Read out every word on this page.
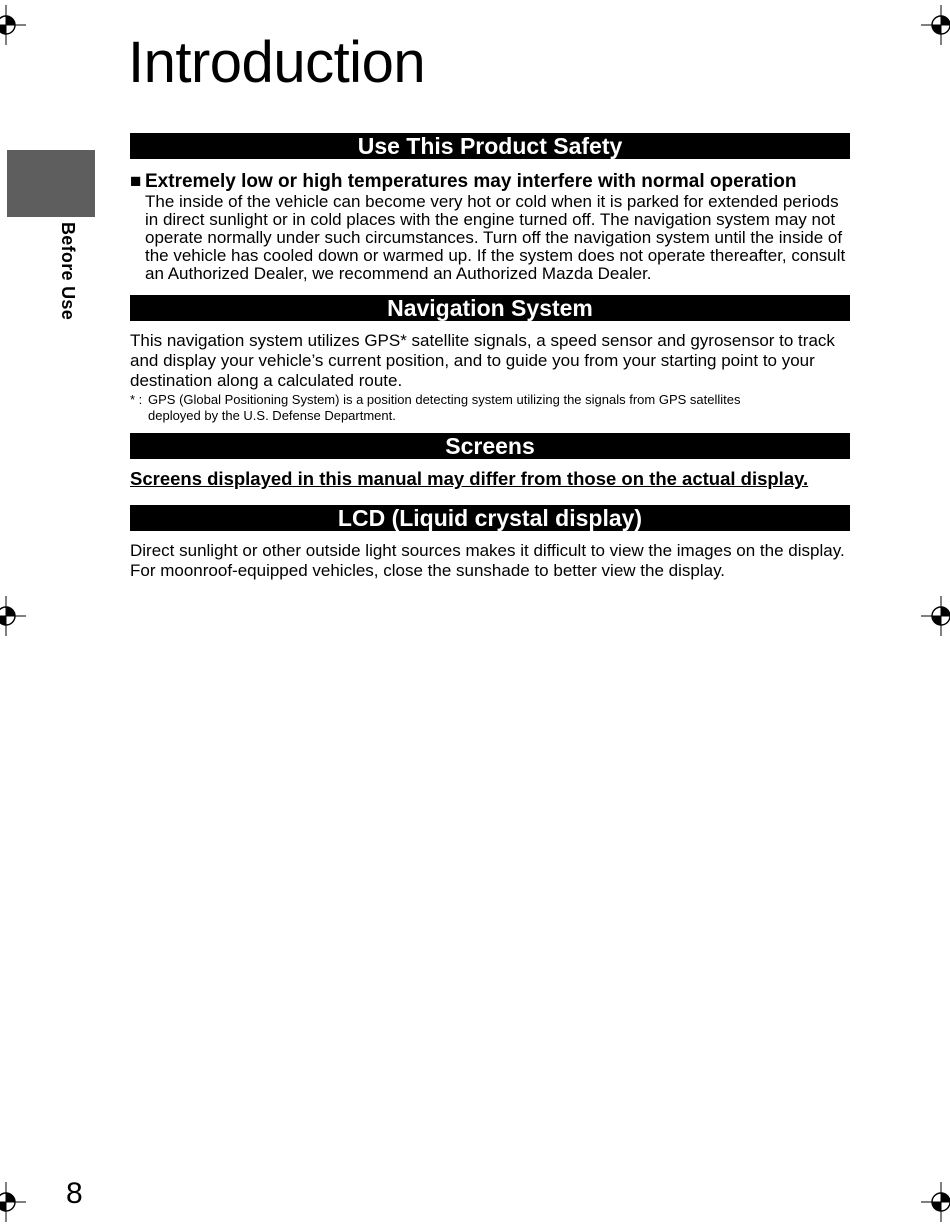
Introduction
Before Use
Use This Product Safety
■ Extremely low or high temperatures may interfere with normal operation
The inside of the vehicle can become very hot or cold when it is parked for extended periods in direct sunlight or in cold places with the engine turned off. The navigation system may not operate normally under such circumstances. Turn off the navigation system until the inside of the vehicle has cooled down or warmed up. If the system does not operate thereafter, consult an Authorized Dealer, we recommend an Authorized Mazda Dealer.
Navigation System
This navigation system utilizes GPS* satellite signals, a speed sensor and gyrosensor to track and display your vehicle’s current position, and to guide you from your starting point to your destination along a calculated route.
* : GPS (Global Positioning System) is a position detecting system utilizing the signals from GPS satellites
deployed by the U.S. Defense Department.
Screens
Screens displayed in this manual may differ from those on the actual display.
LCD (Liquid crystal display)
Direct sunlight or other outside light sources makes it difficult to view the images on the display. For moonroof-equipped vehicles, close the sunshade to better view the display.
8
